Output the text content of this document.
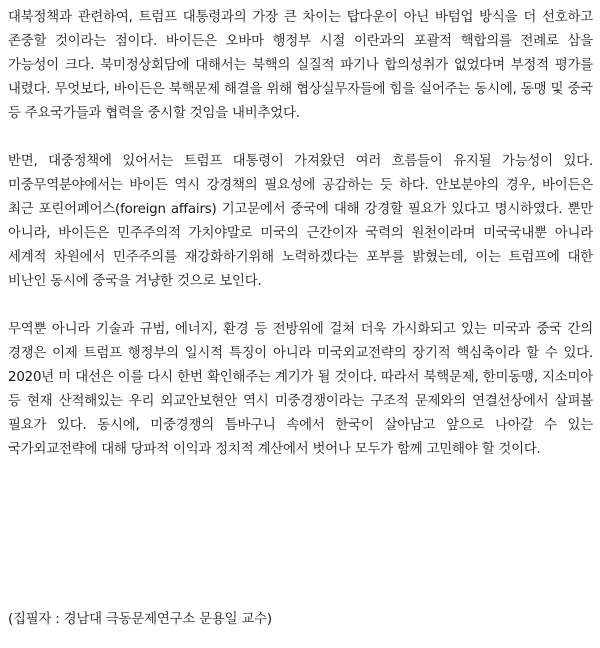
대북정책과 관련하여, 트럼프 대통령과의 가장 큰 차이는 탑다운이 아닌 바텀업 방식을 더 선호하고 존중할 것이라는 점이다. 바이든은 오바마 행정부 시절 이란과의 포괄적 핵합의를 전례로 삼을 가능성이 크다. 북미정상회담에 대해서는 북핵의 실질적 파기나 합의성취가 없었다며 부정적 평가를 내렸다. 무엇보다, 바이든은 북핵문제 해결을 위해 협상실무자들에 힘을 실어주는 동시에, 동맹 및 중국 등 주요국가들과 협력을 중시할 것임을 내비추었다.

반면, 대중정책에 있어서는 트럼프 대통령이 가져왔던 여러 흐름들이 유지될 가능성이 있다. 미중무역분야에서는 바이든 역시 강경책의 필요성에 공감하는 듯 하다. 안보분야의 경우, 바이든은 최근 포린어페어스(foreign affairs) 기고문에서 중국에 대해 강경할 필요가 있다고 명시하였다. 뿐만 아니라, 바이든은 민주주의적 가치야말로 미국의 근간이자 국력의 원천이라며 미국국내뿐 아니라 세계적 차원에서 민주주의를 재강화하기위해 노력하겠다는 포부를 밝혔는데, 이는 트럼프에 대한 비난인 동시에 중국을 겨냥한 것으로 보인다.

무역뿐 아니라 기술과 규범, 에너지, 환경 등 전방위에 걸쳐 더욱 가시화되고 있는 미국과 중국 간의 경쟁은 이제 트럼프 행정부의 일시적 특징이 아니라 미국외교전략의 장기적 핵심축이라 할 수 있다. 2020년 미 대선은 이를 다시 한번 확인해주는 계기가 될 것이다. 따라서 북핵문제, 한미동맹, 지소미아 등 현재 산적해있는 우리 외교안보현안 역시 미중경쟁이라는 구조적 문제와의 연결선상에서 살펴볼 필요가 있다. 동시에, 미중경쟁의 틈바구니 속에서 한국이 살아남고 앞으로 나아갈 수 있는 국가외교전략에 대해 당파적 이익과 정치적 계산에서 벗어나 모두가 함께 고민해야 할 것이다.

(집필자 : 경남대 극동문제연구소 문용일 교수)
